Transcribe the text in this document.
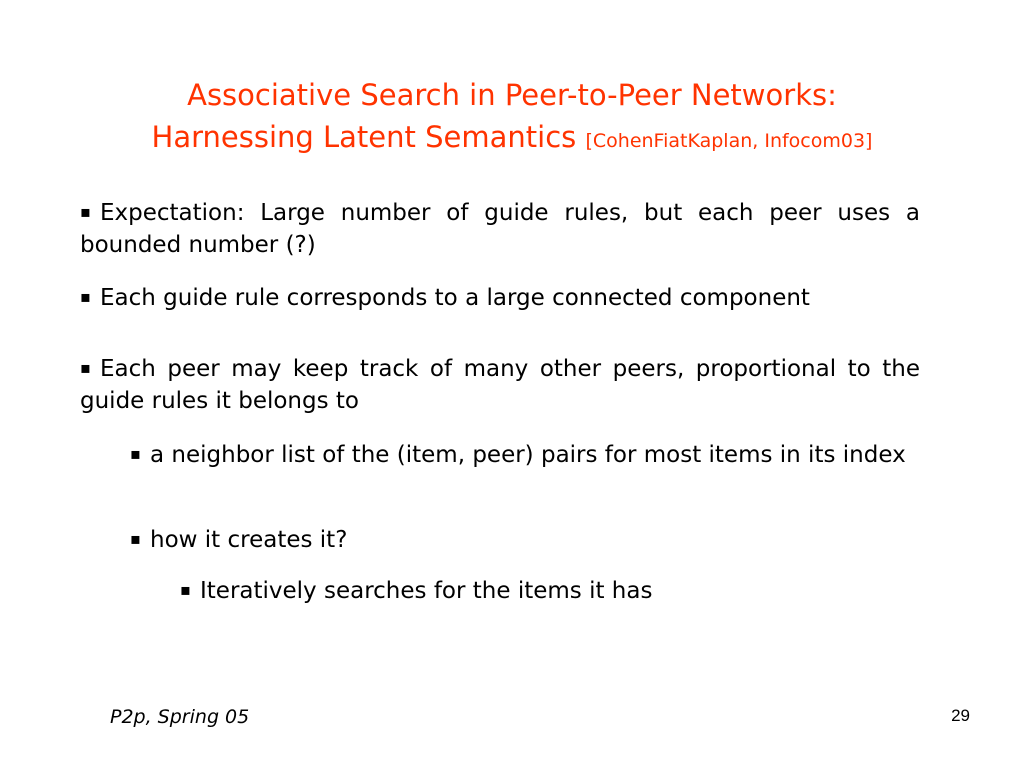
Associative Search in Peer-to-Peer Networks:
Harnessing Latent Semantics [CohenFiatKaplan, Infocom03]

▪ Expectation: Large number of guide rules, but each peer uses a bounded number (?)

▪ Each guide rule corresponds to a large connected component

▪ Each peer may keep track of many other peers, proportional to the guide rules it belongs to

▪ a neighbor list of the (item, peer) pairs for most items in its index

▪ how it creates it?

▪ Iteratively searches for the items it has

P2p, Spring 05	29
